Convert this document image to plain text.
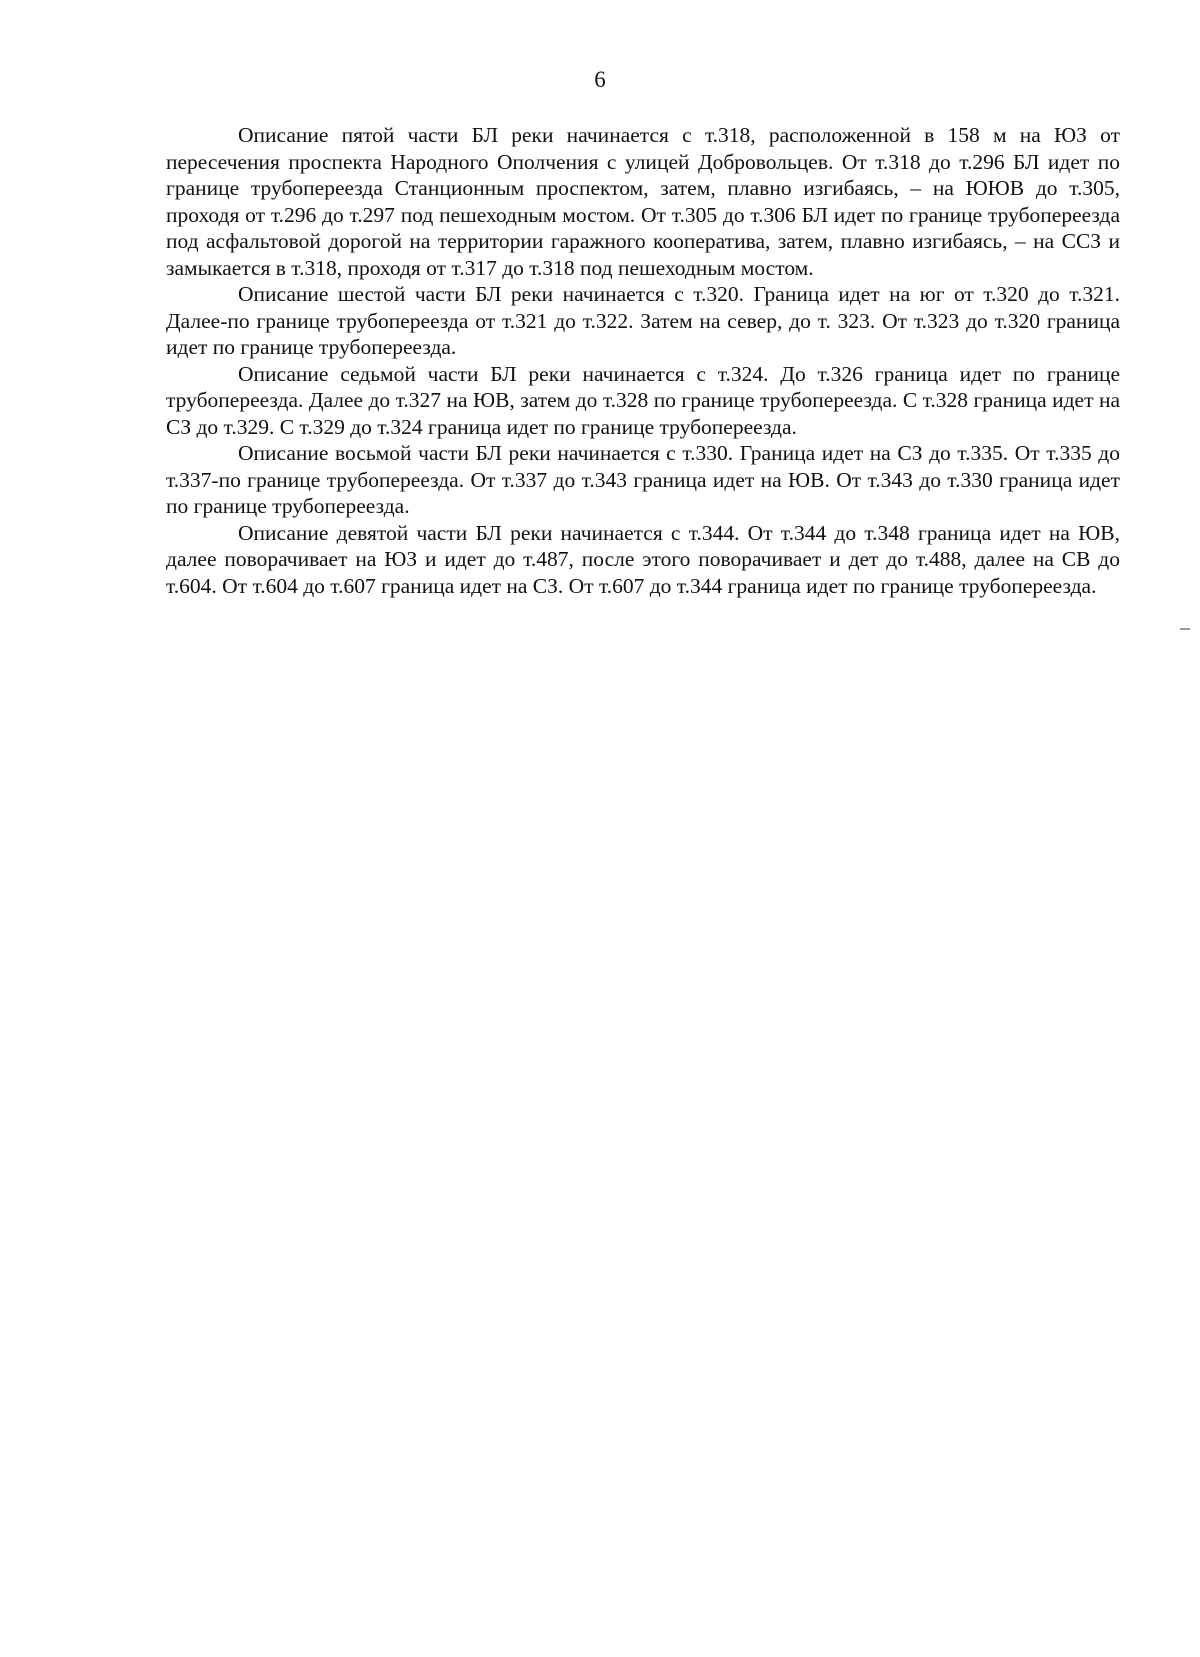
6

Описание пятой части БЛ реки начинается с т.318, расположенной в 158 м на ЮЗ от пересечения проспекта Народного Ополчения с улицей Добровольцев. От т.318 до т.296 БЛ идет по границе трубопереезда Станционным проспектом, затем, плавно изгибаясь, – на ЮЮВ до т.305, проходя от т.296 до т.297 под пешеходным мостом. От т.305 до т.306 БЛ идет по границе трубопереезда под асфальтовой дорогой на территории гаражного кооператива, затем, плавно изгибаясь, – на ССЗ и замыкается в т.318, проходя от т.317 до т.318 под пешеходным мостом.

Описание шестой части БЛ реки начинается с т.320. Граница идет на юг от т.320 до т.321. Далее-по границе трубопереезда от т.321 до т.322. Затем на север, до т. 323. От т.323 до т.320 граница идет по границе трубопереезда.

Описание седьмой части БЛ реки начинается с т.324. До т.326 граница идет по границе трубопереезда. Далее до т.327 на ЮВ, затем до т.328 по границе трубопереезда. С т.328 граница идет на СЗ до т.329. С т.329 до т.324 граница идет по границе трубопереезда.

Описание восьмой части БЛ реки начинается с т.330. Граница идет на СЗ до т.335. От т.335 до т.337-по границе трубопереезда. От т.337 до т.343 граница идет на ЮВ. От т.343 до т.330 граница идет по границе трубопереезда.

Описание девятой части БЛ реки начинается с т.344. От т.344 до т.348 граница идет на ЮВ, далее поворачивает на ЮЗ и идет до т.487, после этого поворачивает и дет до т.488, далее на СВ до т.604. От т.604 до т.607 граница идет на СЗ. От т.607 до т.344 граница идет по границе трубопереезда.
